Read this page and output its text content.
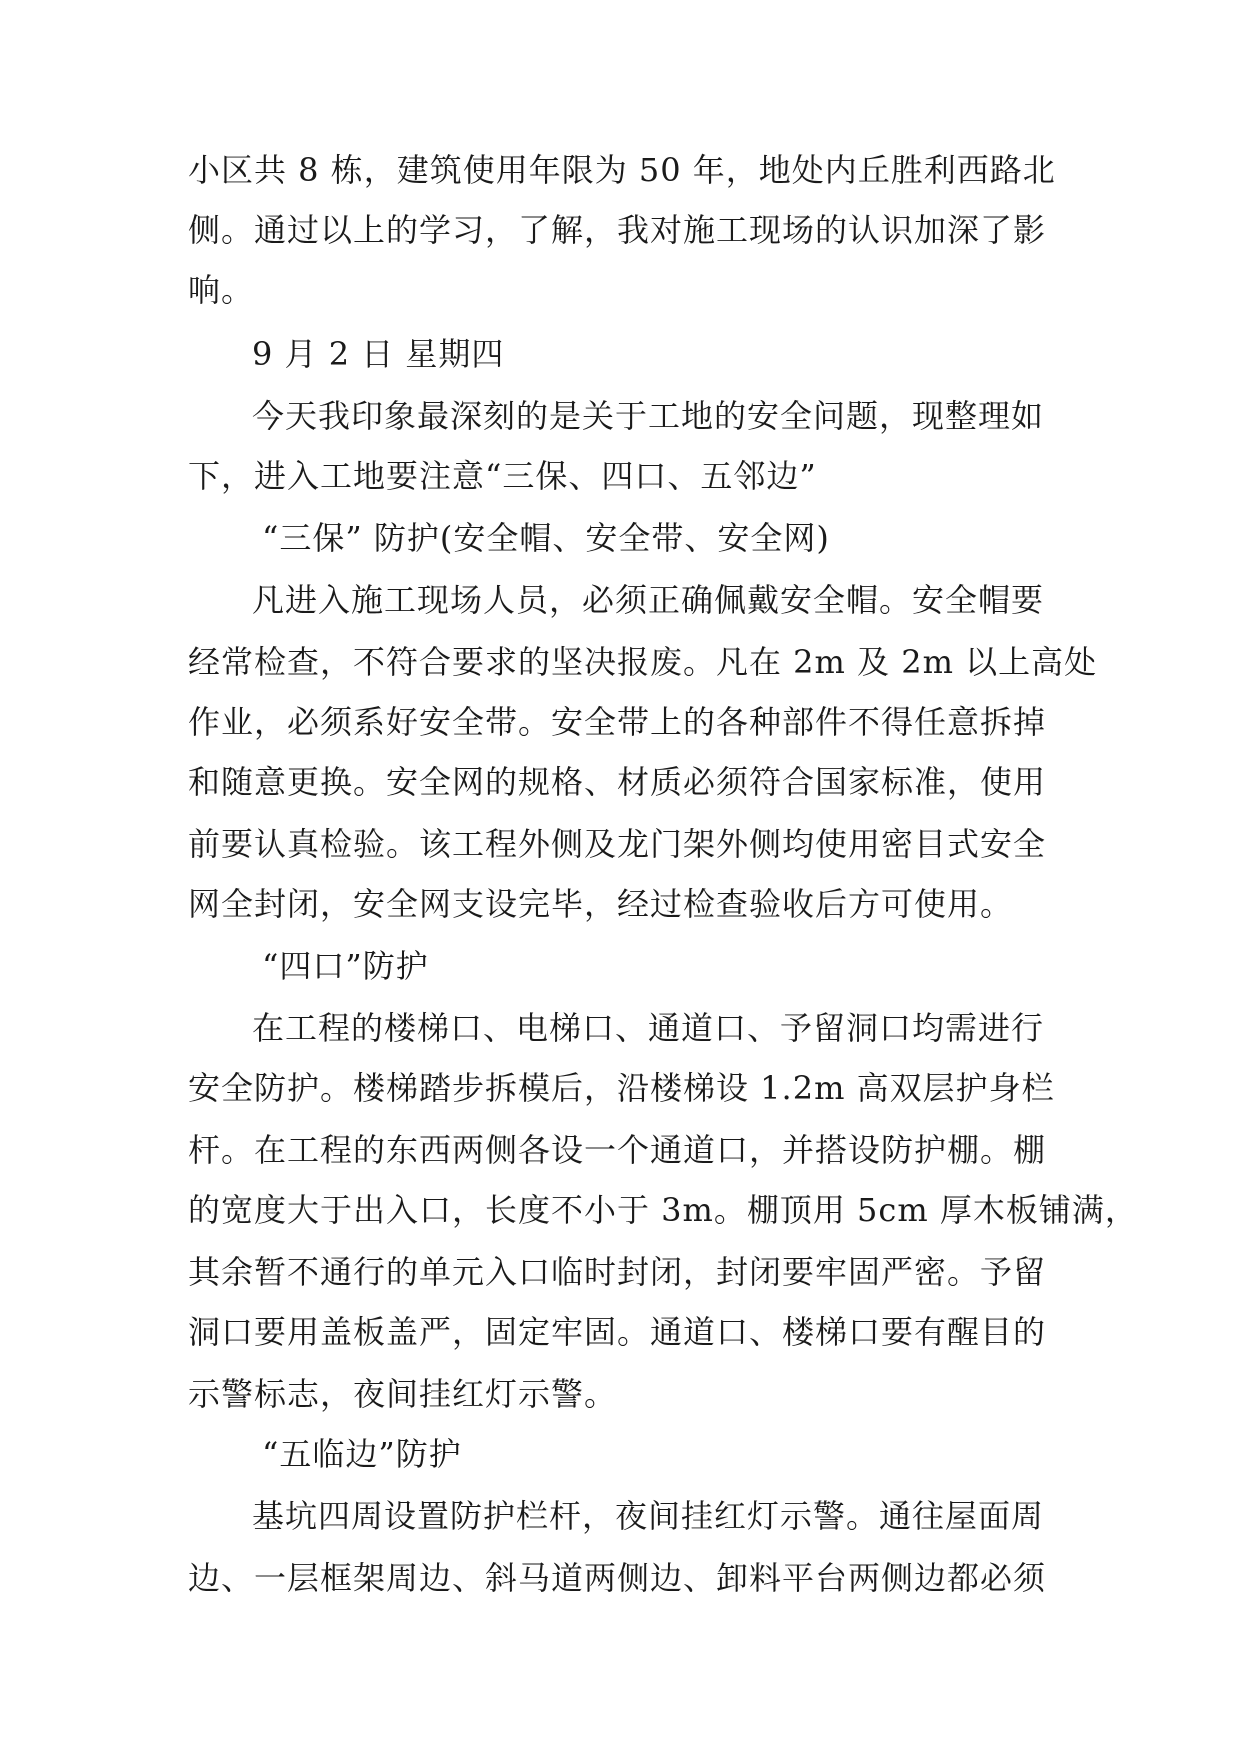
小区共 8 栋，建筑使用年限为 50 年，地处内丘胜利西路北
侧。通过以上的学习，了解，我对施工现场的认识加深了影
响。
9 月 2 日 星期四
今天我印象最深刻的是关于工地的安全问题，现整理如
下，进入工地要注意“三保、四口、五邻边”
“三保” 防护(安全帽、安全带、安全网)
凡进入施工现场人员，必须正确佩戴安全帽。安全帽要
经常检查，不符合要求的坚决报废。凡在 2m 及 2m 以上高处
作业，必须系好安全带。安全带上的各种部件不得任意拆掉
和随意更换。安全网的规格、材质必须符合国家标准，使用
前要认真检验。该工程外侧及龙门架外侧均使用密目式安全
网全封闭，安全网支设完毕，经过检查验收后方可使用。
“四口”防护
在工程的楼梯口、电梯口、通道口、予留洞口均需进行
安全防护。楼梯踏步拆模后，沿楼梯设 1.2m 高双层护身栏
杆。在工程的东西两侧各设一个通道口，并搭设防护棚。棚
的宽度大于出入口，长度不小于 3m。棚顶用 5cm 厚木板铺满，
其余暂不通行的单元入口临时封闭，封闭要牢固严密。予留
洞口要用盖板盖严，固定牢固。通道口、楼梯口要有醒目的
示警标志，夜间挂红灯示警。
“五临边”防护
基坑四周设置防护栏杆，夜间挂红灯示警。通往屋面周
边、一层框架周边、斜马道两侧边、卸料平台两侧边都必须
